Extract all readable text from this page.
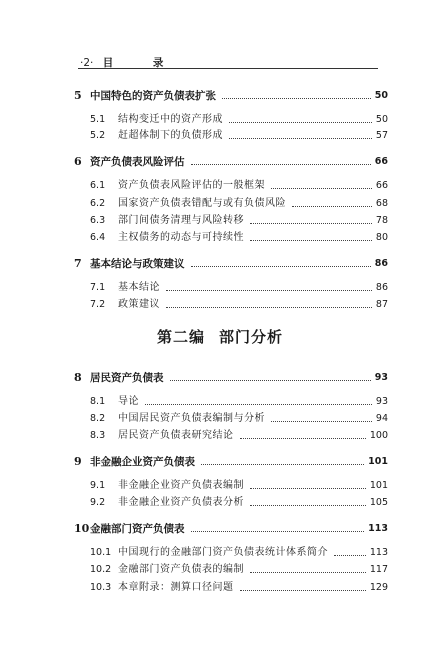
·2· 目 录
第二编 部门分析
5 中国特色的资产负债表扩张	50
5.1 结构变迁中的资产形成	50
5.2 赶超体制下的负债形成	57
6 资产负债表风险评估	66
6.1 资产负债表风险评估的一般框架	66
6.2 国家资产负债表错配与或有负债风险	68
6.3 部门间债务清理与风险转移	78
6.4 主权债务的动态与可持续性	80
7 基本结论与政策建议	86
7.1 基本结论	86
7.2 政策建议	87
8 居民资产负债表	93
8.1 导论	93
8.2 中国居民资产负债表编制与分析	94
8.3 居民资产负债表研究结论	100
9 非金融企业资产负债表	101
9.1 非金融企业资产负债表编制	101
9.2 非金融企业资产负债表分析	105
10 金融部门资产负债表	113
10.1 中国现行的金融部门资产负债表统计体系简介	113
10.2 金融部门资产负债表的编制	117
10.3 本章附录：测算口径问题	129
